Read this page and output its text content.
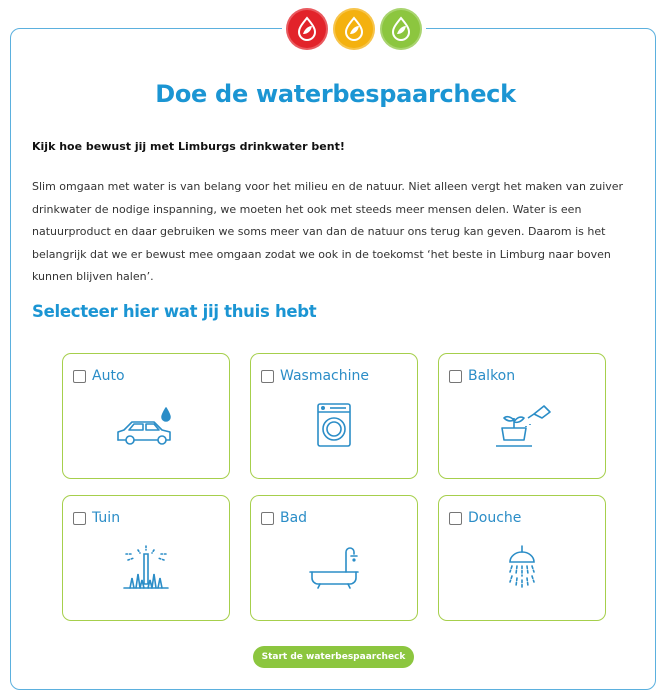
Doe de waterbespaarcheck

Kijk hoe bewust jij met Limburgs drinkwater bent!

Slim omgaan met water is van belang voor het milieu en de natuur. Niet alleen vergt het maken van zuiver drinkwater de nodige inspanning, we moeten het ook met steeds meer mensen delen. Water is een natuurproduct en daar gebruiken we soms meer van dan de natuur ons terug kan geven. Daarom is het belangrijk dat we er bewust mee omgaan zodat we ook in de toekomst ‘het beste in Limburg naar boven kunnen blijven halen’.

Selecteer hier wat jij thuis hebt
Auto	Wasmachine	Balkon
Tuin	Bad	Douche
Start de waterbespaarcheck
